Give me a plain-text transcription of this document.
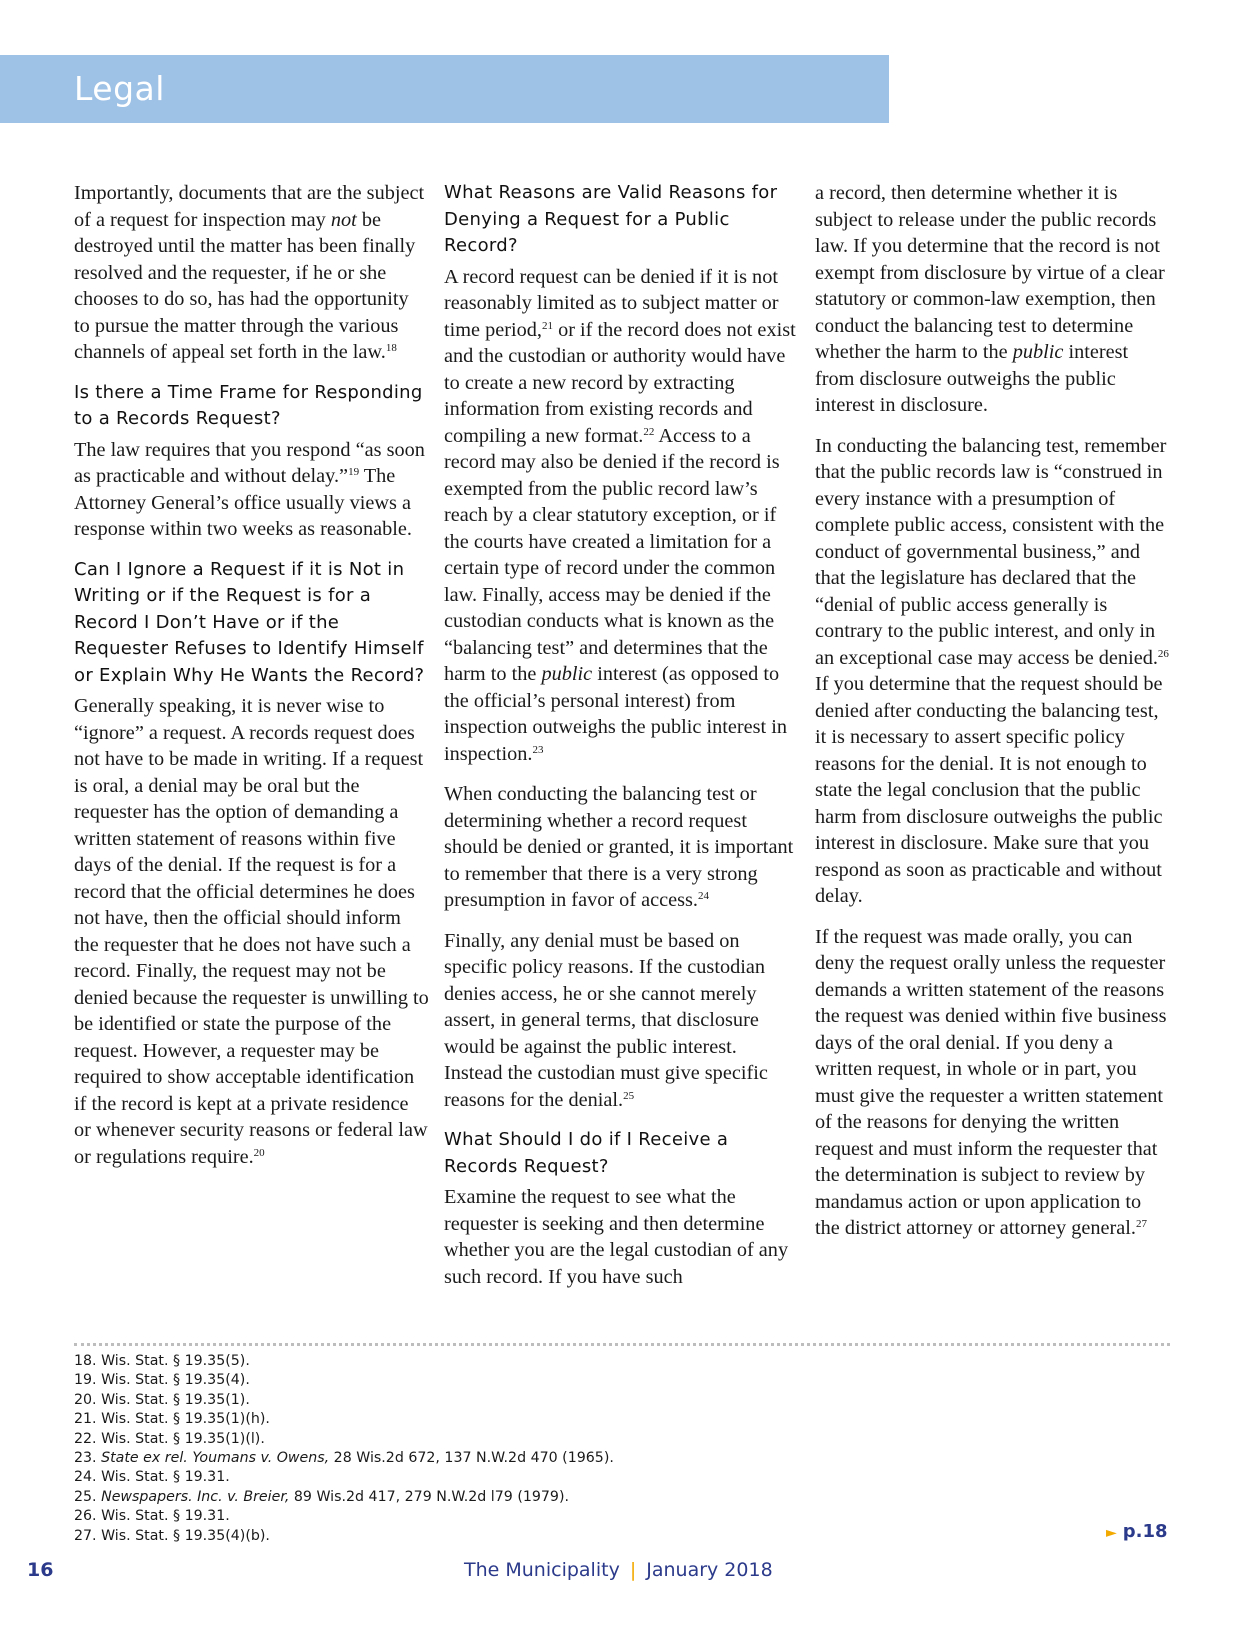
Legal

Importantly, documents that are the subject of a request for inspection may not be destroyed until the matter has been finally resolved and the requester, if he or she chooses to do so, has had the opportunity to pursue the matter through the various channels of appeal set forth in the law.$^{18}$

Is there a Time Frame for Responding to a Records Request?

The law requires that you respond “as soon as practicable and without delay.”$^{19}$ The Attorney General’s office usually views a response within two weeks as reasonable.

Can I Ignore a Request if it is Not in Writing or if the Request is for a Record I Don’t Have or if the Requester Refuses to Identify Himself or Explain Why He Wants the Record?

Generally speaking, it is never wise to “ignore” a request. A records request does not have to be made in writing. If a request is oral, a denial may be oral but the requester has the option of demanding a written statement of reasons within five days of the denial. If the request is for a record that the official determines he does not have, then the official should inform the requester that he does not have such a record. Finally, the request may not be denied because the requester is unwilling to be identified or state the purpose of the request. However, a requester may be required to show acceptable identification if the record is kept at a private residence or whenever security reasons or federal law or regulations require.$^{20}$

What Reasons are Valid Reasons for Denying a Request for a Public Record?

A record request can be denied if it is not reasonably limited as to subject matter or time period,$^{21}$ or if the record does not exist and the custodian or authority would have to create a new record by extracting information from existing records and compiling a new format.$^{22}$ Access to a record may also be denied if the record is exempted from the public record law’s reach by a clear statutory exception, or if the courts have created a limitation for a certain type of record under the common law. Finally, access may be denied if the custodian conducts what is known as the “balancing test” and determines that the harm to the public interest (as opposed to the official’s personal interest) from inspection outweighs the public interest in inspection.$^{23}$

When conducting the balancing test or determining whether a record request should be denied or granted, it is important to remember that there is a very strong presumption in favor of access.$^{24}$

Finally, any denial must be based on specific policy reasons. If the custodian denies access, he or she cannot merely assert, in general terms, that disclosure would be against the public interest. Instead the custodian must give specific reasons for the denial.$^{25}$

What Should I do if I Receive a Records Request?

Examine the request to see what the requester is seeking and then determine whether you are the legal custodian of any such record. If you have such

a record, then determine whether it is subject to release under the public records law. If you determine that the record is not exempt from disclosure by virtue of a clear statutory or common-law exemption, then conduct the balancing test to determine whether the harm to the public interest from disclosure outweighs the public interest in disclosure.

In conducting the balancing test, remember that the public records law is “construed in every instance with a presumption of complete public access, consistent with the conduct of governmental business,” and that the legislature has declared that the “denial of public access generally is contrary to the public interest, and only in an exceptional case may access be denied.$^{26}$ If you determine that the request should be denied after conducting the balancing test, it is necessary to assert specific policy reasons for the denial. It is not enough to state the legal conclusion that the public harm from disclosure outweighs the public interest in disclosure. Make sure that you respond as soon as practicable and without delay.

If the request was made orally, you can deny the request orally unless the requester demands a written statement of the reasons the request was denied within five business days of the oral denial. If you deny a written request, in whole or in part, you must give the requester a written statement of the reasons for denying the written request and must inform the requester that the determination is subject to review by mandamus action or upon application to the district attorney or attorney general.$^{27}$

18. Wis. Stat. § 19.35(5).
19. Wis. Stat. § 19.35(4).
20. Wis. Stat. § 19.35(1).
21. Wis. Stat. § 19.35(1)(h).
22. Wis. Stat. § 19.35(1)(l).
23. State ex rel. Youmans v. Owens, 28 Wis.2d 672, 137 N.W.2d 470 (1965).
24. Wis. Stat. § 19.31.
25. Newspapers. Inc. v. Breier, 89 Wis.2d 417, 279 N.W.2d l79 (1979).
26. Wis. Stat. § 19.31.
27. Wis. Stat. § 19.35(4)(b).	► p.18
16	The Municipality | January 2018
